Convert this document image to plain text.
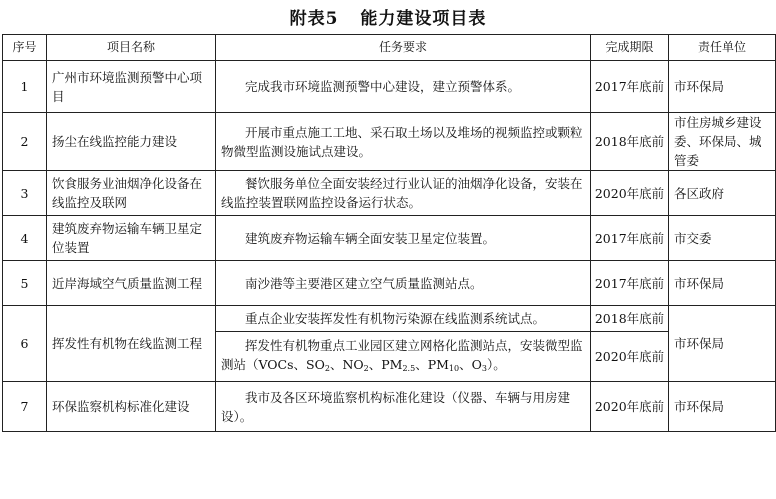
附表5 能力建设项目表
序号	项目名称	任务要求	完成期限	责任单位
1	广州市环境监测预警中心项目	完成我市环境监测预警中心建设，建立预警体系。	2017年底前	市环保局
2	扬尘在线监控能力建设	开展市重点施工工地、采石取土场以及堆场的视频监控或颗粒物微型监测设施试点建设。	2018年底前	市住房城乡建设委、环保局、城管委
3	饮食服务业油烟净化设备在线监控及联网	餐饮服务单位全面安装经过行业认证的油烟净化设备，安装在线监控装置联网监控设备运行状态。	2020年底前	各区政府
4	建筑废弃物运输车辆卫星定位装置	建筑废弃物运输车辆全面安装卫星定位装置。	2017年底前	市交委
5	近岸海域空气质量监测工程	南沙港等主要港区建立空气质量监测站点。	2017年底前	市环保局
6	挥发性有机物在线监测工程	重点企业安装挥发性有机物污染源在线监测系统试点。	2018年底前	市环保局
		挥发性有机物重点工业园区建立网格化监测站点，安装微型监测站（VOCs、$SO_2$、$NO_2$、$PM_{2.5}$、$PM_{10}$、$O_3$）。	2020年底前	
7	环保监察机构标准化建设	我市及各区环境监察机构标准化建设（仪器、车辆与用房建设）。	2020年底前	市环保局
